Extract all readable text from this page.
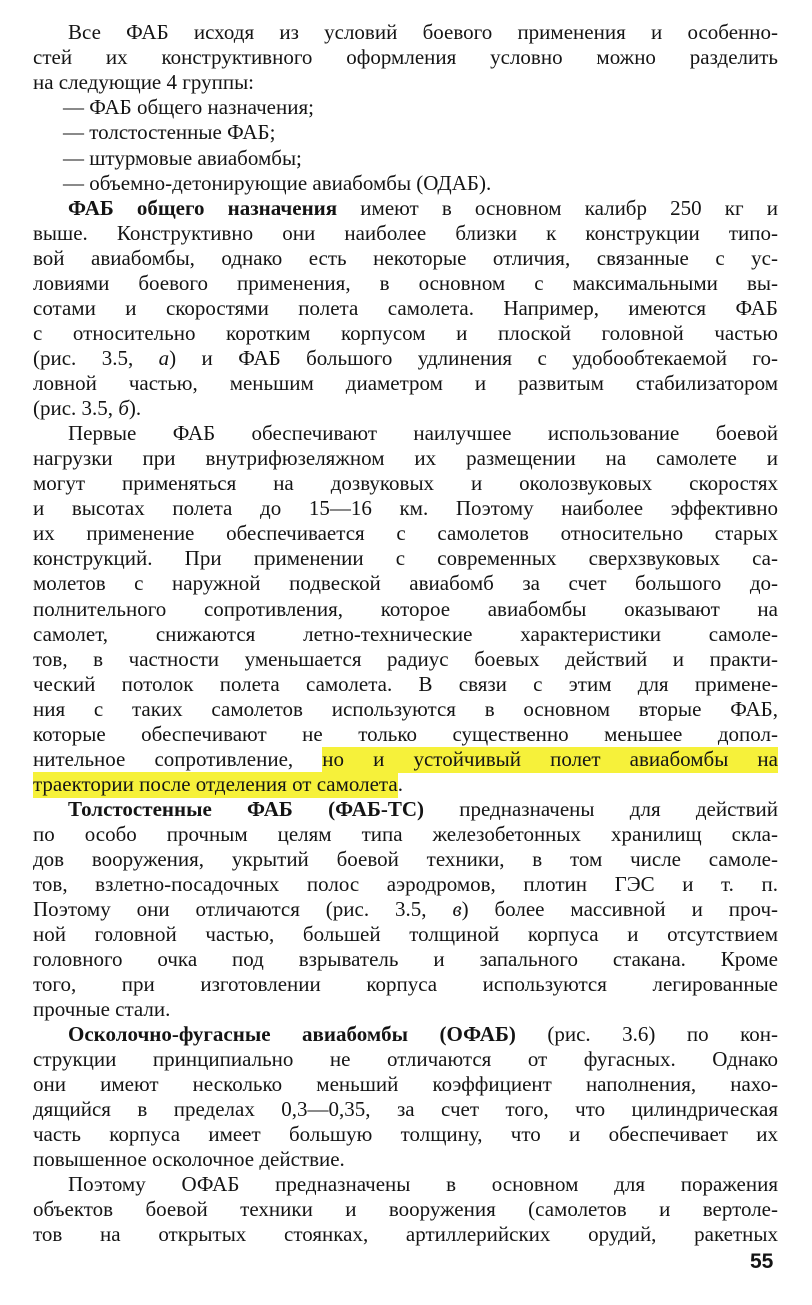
Все ФАБ исходя из условий боевого применения и особенно-
стей их конструктивного оформления условно можно разделить
на следующие 4 группы:
— ФАБ общего назначения;
— толстостенные ФАБ;
— штурмовые авиабомбы;
— объемно-детонирующие авиабомбы (ОДАБ).
ФАБ общего назначения имеют в основном калибр 250 кг и
выше. Конструктивно они наиболее близки к конструкции типо-
вой авиабомбы, однако есть некоторые отличия, связанные с ус-
ловиями боевого применения, в основном с максимальными вы-
сотами и скоростями полета самолета. Например, имеются ФАБ
с относительно коротким корпусом и плоской головной частью
(рис. 3.5, а) и ФАБ большого удлинения с удобообтекаемой го-
ловной частью, меньшим диаметром и развитым стабилизатором
(рис. 3.5, б).
Первые ФАБ обеспечивают наилучшее использование боевой
нагрузки при внутрифюзеляжном их размещении на самолете и
могут применяться на дозвуковых и околозвуковых скоростях
и высотах полета до 15—16 км. Поэтому наиболее эффективно
их применение обеспечивается с самолетов относительно старых
конструкций. При применении с современных сверхзвуковых са-
молетов с наружной подвеской авиабомб за счет большого до-
полнительного сопротивления, которое авиабомбы оказывают на
самолет, снижаются летно-технические характеристики самоле-
тов, в частности уменьшается радиус боевых действий и практи-
ческий потолок полета самолета. В связи с этим для примене-
ния с таких самолетов используются в основном вторые ФАБ,
которые обеспечивают не только существенно меньшее допол-
нительное сопротивление, но и устойчивый полет авиабомбы на
траектории после отделения от самолета.
Толстостенные ФАБ (ФАБ-ТС) предназначены для действий
по особо прочным целям типа железобетонных хранилищ скла-
дов вооружения, укрытий боевой техники, в том числе самоле-
тов, взлетно-посадочных полос аэродромов, плотин ГЭС и т. п.
Поэтому они отличаются (рис. 3.5, в) более массивной и проч-
ной головной частью, большей толщиной корпуса и отсутствием
головного очка под взрыватель и запального стакана. Кроме
того, при изготовлении корпуса используются легированные
прочные стали.
Осколочно-фугасные авиабомбы (ОФАБ) (рис. 3.6) по кон-
струкции принципиально не отличаются от фугасных. Однако
они имеют несколько меньший коэффициент наполнения, нахо-
дящийся в пределах 0,3—0,35, за счет того, что цилиндрическая
часть корпуса имеет большую толщину, что и обеспечивает их
повышенное осколочное действие.
Поэтому ОФАБ предназначены в основном для поражения
объектов боевой техники и вооружения (самолетов и вертоле-
тов на открытых стоянках, артиллерийских орудий, ракетных
55
